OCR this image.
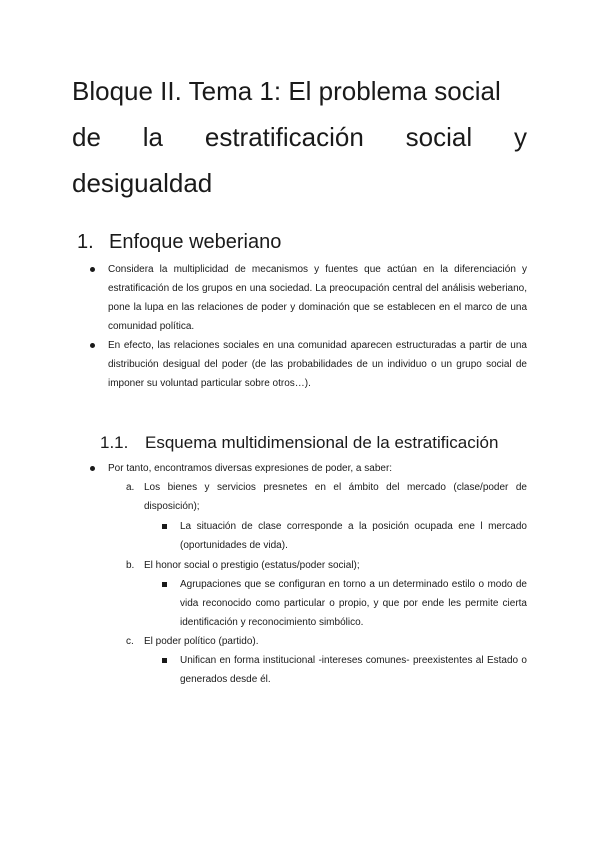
Bloque II. Tema 1: El problema social
de la estratificación social y
desigualdad
1. Enfoque weberiano

Considera la multiplicidad de mecanismos y fuentes que actúan en la diferenciación y estratificación de los grupos en una sociedad. La preocupación central del análisis weberiano, pone la lupa en las relaciones de poder y dominación que se establecen en el marco de una comunidad política.

En efecto, las relaciones sociales en una comunidad aparecen estructuradas a partir de una distribución desigual del poder (de las probabilidades de un individuo o un grupo social de imponer su voluntad particular sobre otros…).

1.1. Esquema multidimensional de la estratificación

Por tanto, encontramos diversas expresiones de poder, a saber:

a. Los bienes y servicios presnetes en el ámbito del mercado (clase/poder de disposición);

La situación de clase corresponde a la posición ocupada ene l mercado (oportunidades de vida).

b. El honor social o prestigio (estatus/poder social);

Agrupaciones que se configuran en torno a un determinado estilo o modo de vida reconocido como particular o propio, y que por ende les permite cierta identificación y reconocimiento simbólico.

c. El poder político (partido).

Unifican en forma institucional -intereses comunes- preexistentes al Estado o generados desde él.
